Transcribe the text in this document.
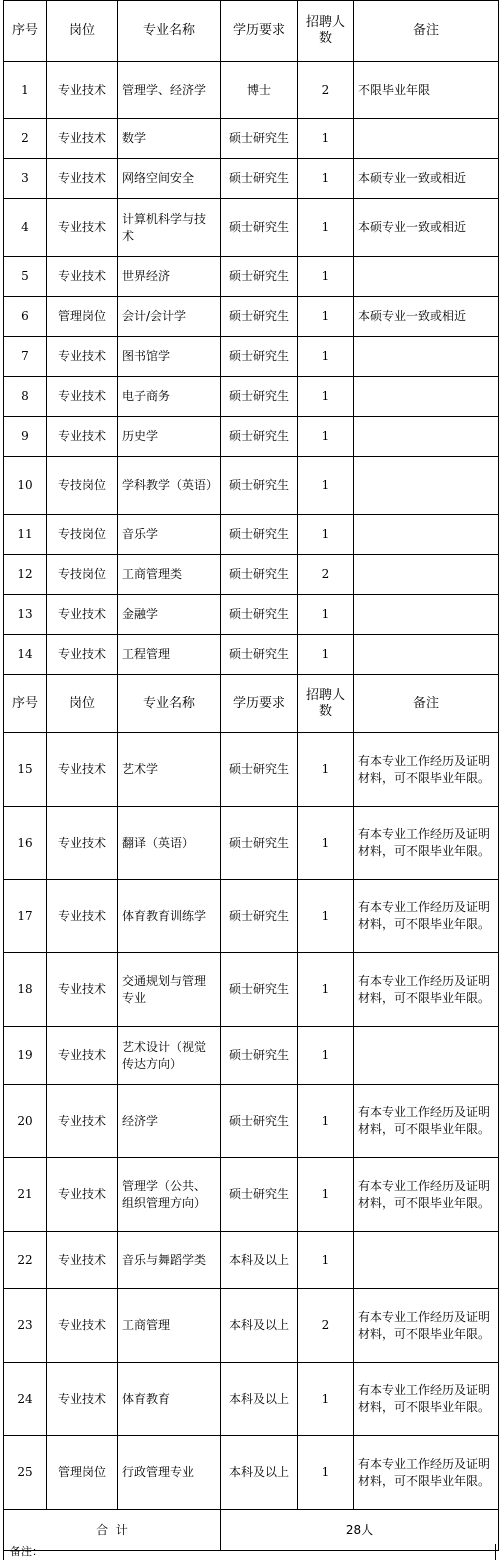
序号	岗位	专业名称	学历要求	招聘人数	备注
1	专业技术	管理学、经济学	博士	2	不限毕业年限
2	专业技术	数学	硕士研究生	1	
3	专业技术	网络空间安全	硕士研究生	1	本硕专业一致或相近
4	专业技术	计算机科学与技术	硕士研究生	1	本硕专业一致或相近
5	专业技术	世界经济	硕士研究生	1	
6	管理岗位	会计/会计学	硕士研究生	1	本硕专业一致或相近
7	专业技术	图书馆学	硕士研究生	1	
8	专业技术	电子商务	硕士研究生	1	
9	专业技术	历史学	硕士研究生	1	
10	专技岗位	学科教学（英语）	硕士研究生	1	
11	专技岗位	音乐学	硕士研究生	1	
12	专技岗位	工商管理类	硕士研究生	2	
13	专业技术	金融学	硕士研究生	1	
14	专业技术	工程管理	硕士研究生	1	
序号	岗位	专业名称	学历要求	招聘人数	备注
15	专业技术	艺术学	硕士研究生	1	有本专业工作经历及证明材料，可不限毕业年限。
16	专业技术	翻译（英语）	硕士研究生	1	有本专业工作经历及证明材料，可不限毕业年限。
17	专业技术	体育教育训练学	硕士研究生	1	有本专业工作经历及证明材料，可不限毕业年限。
18	专业技术	交通规划与管理专业	硕士研究生	1	有本专业工作经历及证明材料，可不限毕业年限。
19	专业技术	艺术设计（视觉传达方向）	硕士研究生	1	
20	专业技术	经济学	硕士研究生	1	有本专业工作经历及证明材料，可不限毕业年限。
21	专业技术	管理学（公共、组织管理方向）	硕士研究生	1	有本专业工作经历及证明材料，可不限毕业年限。
22	专业技术	音乐与舞蹈学类	本科及以上	1	
23	专业技术	工商管理	本科及以上	2	有本专业工作经历及证明材料，可不限毕业年限。
24	专业技术	体育教育	本科及以上	1	有本专业工作经历及证明材料，可不限毕业年限。
25	管理岗位	行政管理专业	本科及以上	1	有本专业工作经历及证明材料，可不限毕业年限。
合  计			28人		
备注：
